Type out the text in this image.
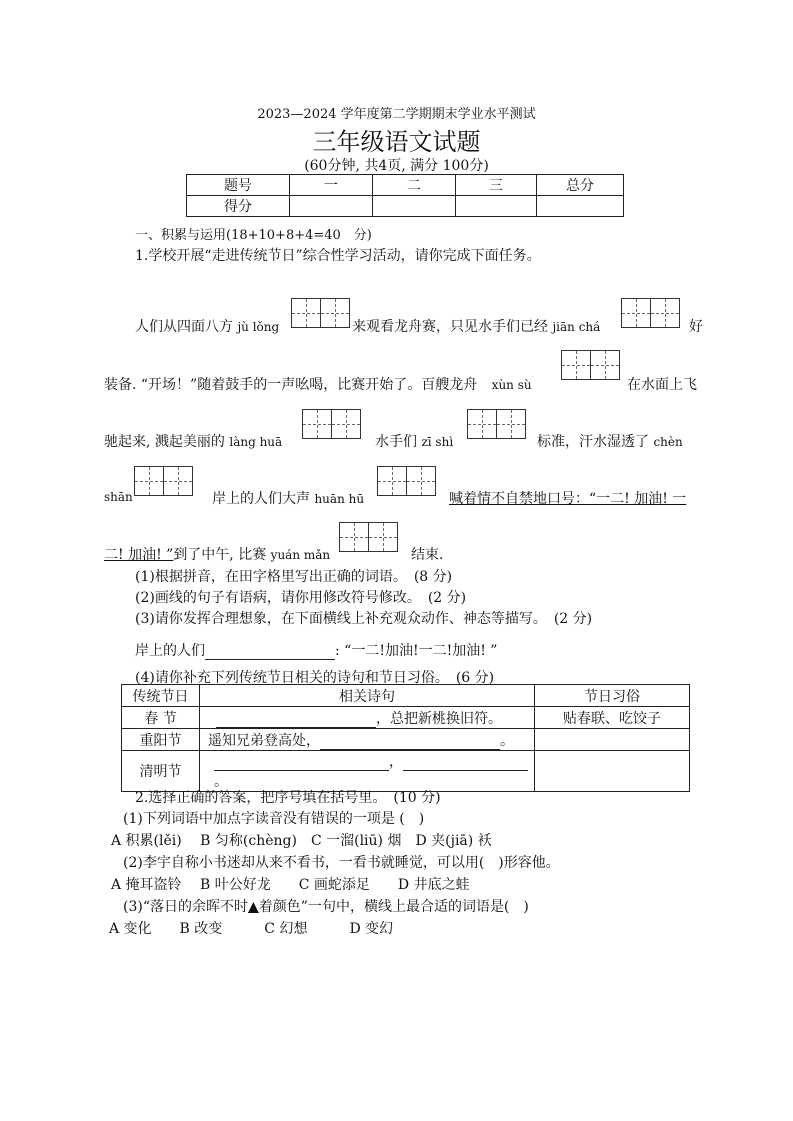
2023—2024 学年度第二学期期末学业水平测试
三年级语文试题
(60分钟, 共4页, 满分 100分)
题号	一	二	三	总分
得分				
一、积累与运用(18+10+8+4=40　分)
1.学校开展“走进传统节日”综合性学习活动，请你完成下面任务。
人们从四面八方 jù lǒng	来观看龙舟赛，只见水手们已经 jiān chá	好
装备. “开场！”随着鼓手的一声吆喝，比赛开始了。百艘龙舟 xùn sù	在水面上飞
驰起来, 溅起美丽的 làng huā	水手们 zī shì	标准，汗水湿透了 chèn
shān	岸上的人们大声 huān hū	喊着情不自禁地口号：“一二! 加油! 一
二! 加油! ”到了中午, 比赛 yuán mǎn	结束.
(1)根据拼音，在田字格里写出正确的词语。　(8 分)
(2)画线的句子有语病，请你用修改符号修改。　(2 分)
(3)请你发挥合理想象，在下面横线上补充观众动作、神态等描写。　(2 分)
岸上的人们	: “一二!加油!一二!加油! ”
(4)请你补充下列传统节日相关的诗句和节日习俗。　(6 分)
传统节日	相关诗句	节日习俗
春 节	，总把新桃换旧符。	贴春联、吃饺子
重阳节	遥知兄弟登高处， 。	
清明节	，。	
2.选择正确的答案，把序号填在括号里。　(10 分)
(1)下列词语中加点字读音没有错误的一项是 (　)
A 积累(lěi)　 B 匀称(chèng)　C 一溜(liū) 烟　D 夹(jiā) 袄
(2)李宇自称小书迷却从来不看书，一看书就睡觉，可以用(　)形容他。
A 掩耳盗铃　 B 叶公好龙　　C 画蛇添足　　D 井底之蛙
(3)“落日的余晖不时▲着颜色”一句中，横线上最合适的词语是(　)
A 变化　　B 改变　　　C 幻想　　　D 变幻
